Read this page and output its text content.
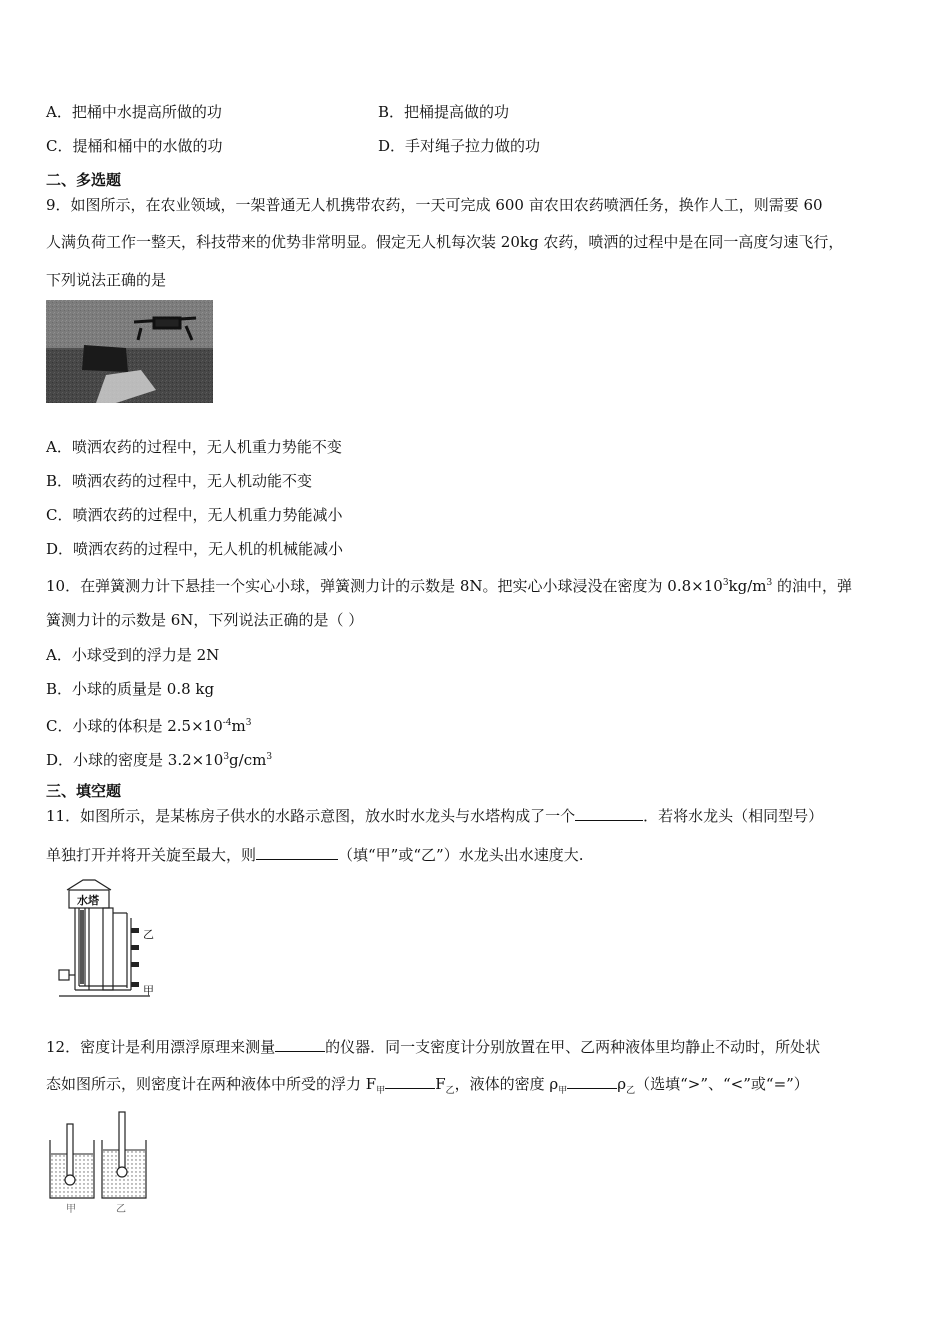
A．把桶中水提高所做的功	B．把桶提高做的功
C．提桶和桶中的水做的功	D．手对绳子拉力做的功
二、多选题
9．如图所示，在农业领域，一架普通无人机携带农药，一天可完成 600 亩农田农药喷洒任务，换作人工，则需要 60
人满负荷工作一整天，科技带来的优势非常明显。假定无人机每次装 20kg 农药，喷洒的过程中是在同一高度匀速飞行，
下列说法正确的是
A．喷洒农药的过程中，无人机重力势能不变
B．喷洒农药的过程中，无人机动能不变
C．喷洒农药的过程中，无人机重力势能减小
D．喷洒农药的过程中，无人机的机械能减小
10．在弹簧测力计下悬挂一个实心小球，弹簧测力计的示数是 8N。把实心小球浸没在密度为 $0.8\times 10^3kg/m^3$ 的油中，弹
簧测力计的示数是 6N，下列说法正确的是（ ）
A．小球受到的浮力是 2N
B．小球的质量是 0.8 kg
C．小球的体积是 $2.5\times 10^{-4}m^3$
D．小球的密度是 $3.2\times 10^3g/cm^3$
三、填空题
11．如图所示，是某栋房子供水的水路示意图，放水时水龙头与水塔构成了一个	．若将水龙头（相同型号）
单独打开并将开关旋至最大，则	（填“甲”或“乙”）水龙头出水速度大.
水塔
乙
甲
12．密度计是利用漂浮原理来测量	的仪器．同一支密度计分别放置在甲、乙两种液体里均静止不动时，所处状
态如图所示，则密度计在两种液体中所受的浮力 $F_甲$	$F_乙$，液体的密度 $\rho_甲$	$\rho_乙$（选填“>”、“<”或“=”）
甲	乙
